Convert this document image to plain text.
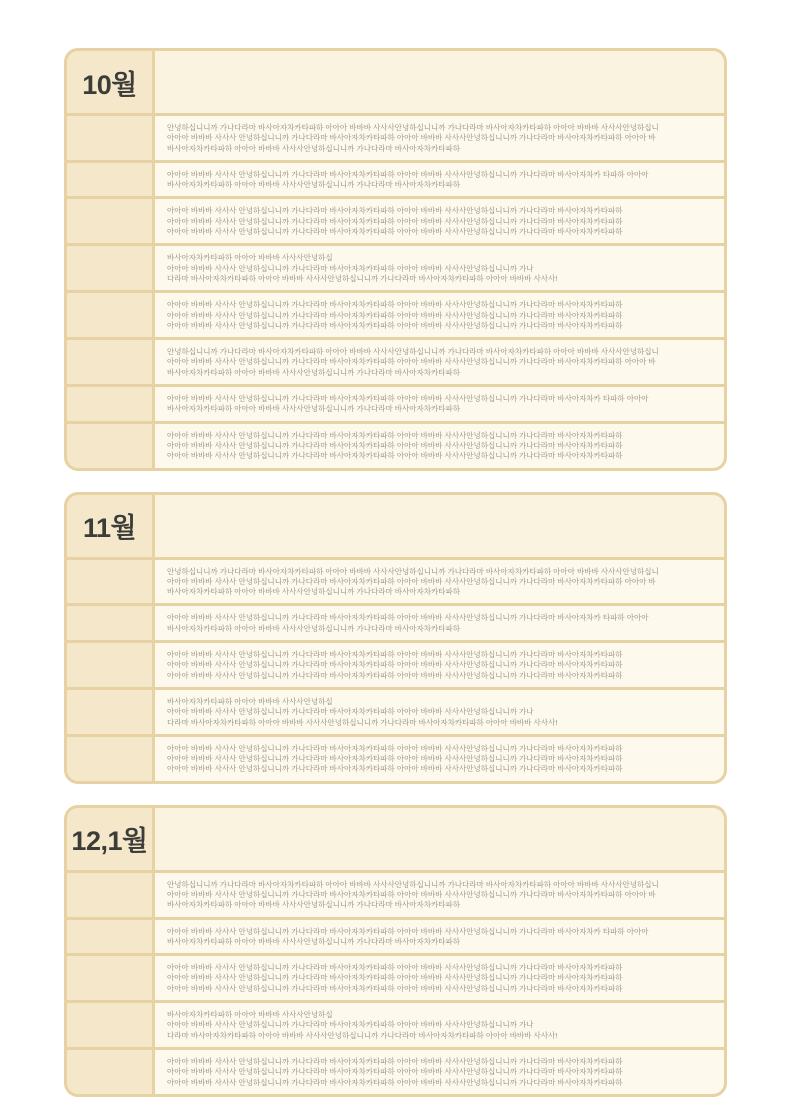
10월
안녕하십니니까 가나다라마 바사아자차카타파하 아아아 바바바 사사사안녕하십니니까 가나다라마 바사아자차카타파하 아아아 바바바 사사사안녕하십니
아아아 바바바 사사사 안녕하십니니까 가나다라마 바사아자차카타파하 아아아 바바바 사사사안녕하십니니까 가나다라마 바사아자차카타파하 아아아 바
바사아자차카타파하 아아아 바바바 사사사안녕하십니니까 가나다라마 바사아자차카타파하
아아아 바바바 사사사 안녕하십니니까 가나다라마 바사아자차카타파하 아아아 바바바 사사사안녕하십니니까 가나다라마 바사아자차카 타파하 아아아
바사아자차카타파하 아아아 바바바 사사사안녕하십니니까 가나다라마 바사아자차카타파하
아아아 바바바 사사사 안녕하십니니까 가나다라마 바사아자차카타파하 아아아 바바바 사사사안녕하십니니까 가나다라마 바사아자차카타파하
아아아 바바바 사사사 안녕하십니니까 가나다라마 바사아자차카타파하 아아아 바바바 사사사안녕하십니니까 가나다라마 바사아자차카타파하
아아아 바바바 사사사 안녕하십니니까 가나다라마 바사아자차카타파하 아아아 바바바 사사사안녕하십니니까 가나다라마 바사아자차카타파하
바사아자차카타파하 아아아 바바바 사사사안녕하십
아아아 바바바 사사사 안녕하십니니까 가나다라마 바사아자차카타파하 아아아 바바바 사사사안녕하십니니까 가나
다라마 바사아자차카타파하 아아아 바바바 사사사안녕하십니니까 가나다라마 바사아자차카타파하 아아아 바바바 사사사!
아아아 바바바 사사사 안녕하십니니까 가나다라마 바사아자차카타파하 아아아 바바바 사사사안녕하십니니까 가나다라마 바사아자차카타파하
아아아 바바바 사사사 안녕하십니니까 가나다라마 바사아자차카타파하 아아아 바바바 사사사안녕하십니니까 가나다라마 바사아자차카타파하
아아아 바바바 사사사 안녕하십니니까 가나다라마 바사아자차카타파하 아아아 바바바 사사사안녕하십니니까 가나다라마 바사아자차카타파하
안녕하십니니까 가나다라마 바사아자차카타파하 아아아 바바바 사사사안녕하십니니까 가나다라마 바사아자차카타파하 아아아 바바바 사사사안녕하십니
아아아 바바바 사사사 안녕하십니니까 가나다라마 바사아자차카타파하 아아아 바바바 사사사안녕하십니니까 가나다라마 바사아자차카타파하 아아아 바
바사아자차카타파하 아아아 바바바 사사사안녕하십니니까 가나다라마 바사아자차카타파하
아아아 바바바 사사사 안녕하십니니까 가나다라마 바사아자차카타파하 아아아 바바바 사사사안녕하십니니까 가나다라마 바사아자차카 타파하 아아아
바사아자차카타파하 아아아 바바바 사사사안녕하십니니까 가나다라마 바사아자차카타파하
아아아 바바바 사사사 안녕하십니니까 가나다라마 바사아자차카타파하 아아아 바바바 사사사안녕하십니니까 가나다라마 바사아자차카타파하
아아아 바바바 사사사 안녕하십니니까 가나다라마 바사아자차카타파하 아아아 바바바 사사사안녕하십니니까 가나다라마 바사아자차카타파하
아아아 바바바 사사사 안녕하십니니까 가나다라마 바사아자차카타파하 아아아 바바바 사사사안녕하십니니까 가나다라마 바사아자차카타파하
11월
안녕하십니니까 가나다라마 바사아자차카타파하 아아아 바바바 사사사안녕하십니니까 가나다라마 바사아자차카타파하 아아아 바바바 사사사안녕하십니
아아아 바바바 사사사 안녕하십니니까 가나다라마 바사아자차카타파하 아아아 바바바 사사사안녕하십니니까 가나다라마 바사아자차카타파하 아아아 바
바사아자차카타파하 아아아 바바바 사사사안녕하십니니까 가나다라마 바사아자차카타파하
아아아 바바바 사사사 안녕하십니니까 가나다라마 바사아자차카타파하 아아아 바바바 사사사안녕하십니니까 가나다라마 바사아자차카 타파하 아아아
바사아자차카타파하 아아아 바바바 사사사안녕하십니니까 가나다라마 바사아자차카타파하
아아아 바바바 사사사 안녕하십니니까 가나다라마 바사아자차카타파하 아아아 바바바 사사사안녕하십니니까 가나다라마 바사아자차카타파하
아아아 바바바 사사사 안녕하십니니까 가나다라마 바사아자차카타파하 아아아 바바바 사사사안녕하십니니까 가나다라마 바사아자차카타파하
아아아 바바바 사사사 안녕하십니니까 가나다라마 바사아자차카타파하 아아아 바바바 사사사안녕하십니니까 가나다라마 바사아자차카타파하
바사아자차카타파하 아아아 바바바 사사사안녕하십
아아아 바바바 사사사 안녕하십니니까 가나다라마 바사아자차카타파하 아아아 바바바 사사사안녕하십니니까 가나
다라마 바사아자차카타파하 아아아 바바바 사사사안녕하십니니까 가나다라마 바사아자차카타파하 아아아 바바바 사사사!
아아아 바바바 사사사 안녕하십니니까 가나다라마 바사아자차카타파하 아아아 바바바 사사사안녕하십니니까 가나다라마 바사아자차카타파하
아아아 바바바 사사사 안녕하십니니까 가나다라마 바사아자차카타파하 아아아 바바바 사사사안녕하십니니까 가나다라마 바사아자차카타파하
아아아 바바바 사사사 안녕하십니니까 가나다라마 바사아자차카타파하 아아아 바바바 사사사안녕하십니니까 가나다라마 바사아자차카타파하
12,1월
안녕하십니니까 가나다라마 바사아자차카타파하 아아아 바바바 사사사안녕하십니니까 가나다라마 바사아자차카타파하 아아아 바바바 사사사안녕하십니
아아아 바바바 사사사 안녕하십니니까 가나다라마 바사아자차카타파하 아아아 바바바 사사사안녕하십니니까 가나다라마 바사아자차카타파하 아아아 바
바사아자차카타파하 아아아 바바바 사사사안녕하십니니까 가나다라마 바사아자차카타파하
아아아 바바바 사사사 안녕하십니니까 가나다라마 바사아자차카타파하 아아아 바바바 사사사안녕하십니니까 가나다라마 바사아자차카 타파하 아아아
바사아자차카타파하 아아아 바바바 사사사안녕하십니니까 가나다라마 바사아자차카타파하
아아아 바바바 사사사 안녕하십니니까 가나다라마 바사아자차카타파하 아아아 바바바 사사사안녕하십니니까 가나다라마 바사아자차카타파하
아아아 바바바 사사사 안녕하십니니까 가나다라마 바사아자차카타파하 아아아 바바바 사사사안녕하십니니까 가나다라마 바사아자차카타파하
아아아 바바바 사사사 안녕하십니니까 가나다라마 바사아자차카타파하 아아아 바바바 사사사안녕하십니니까 가나다라마 바사아자차카타파하
바사아자차카타파하 아아아 바바바 사사사안녕하십
아아아 바바바 사사사 안녕하십니니까 가나다라마 바사아자차카타파하 아아아 바바바 사사사안녕하십니니까 가나
다라마 바사아자차카타파하 아아아 바바바 사사사안녕하십니니까 가나다라마 바사아자차카타파하 아아아 바바바 사사사!
아아아 바바바 사사사 안녕하십니니까 가나다라마 바사아자차카타파하 아아아 바바바 사사사안녕하십니니까 가나다라마 바사아자차카타파하
아아아 바바바 사사사 안녕하십니니까 가나다라마 바사아자차카타파하 아아아 바바바 사사사안녕하십니니까 가나다라마 바사아자차카타파하
아아아 바바바 사사사 안녕하십니니까 가나다라마 바사아자차카타파하 아아아 바바바 사사사안녕하십니니까 가나다라마 바사아자차카타파하
